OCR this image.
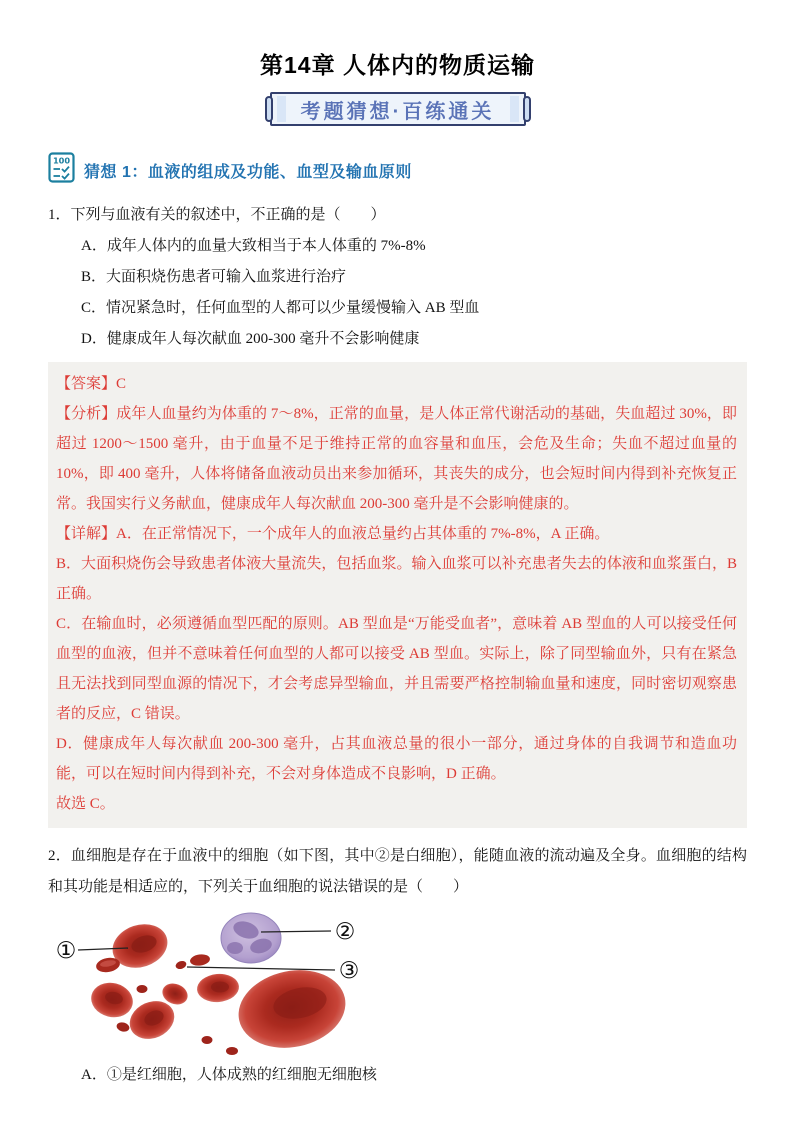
第14章 人体内的物质运输
考题猜想·百练通关
100
猜想 1：血液的组成及功能、血型及输血原则
1．下列与血液有关的叙述中，不正确的是（　　）
A．成年人体内的血量大致相当于本人体重的 7%-8%
B．大面积烧伤患者可输入血浆进行治疗
C．情况紧急时，任何血型的人都可以少量缓慢输入 AB 型血
D．健康成年人每次献血 200-300 毫升不会影响健康

【答案】C

【分析】成年人血量约为体重的 7～8%，正常的血量，是人体正常代谢活动的基础，失血超过 30%，即超过 1200～1500 毫升，由于血量不足于维持正常的血容量和血压，会危及生命；失血不超过血量的 10%，即 400 毫升，人体将储备血液动员出来参加循环，其丧失的成分，也会短时间内得到补充恢复正常。我国实行义务献血，健康成年人每次献血 200-300 毫升是不会影响健康的。

【详解】A．在正常情况下，一个成年人的血液总量约占其体重的 7%-8%，A 正确。

B．大面积烧伤会导致患者体液大量流失，包括血浆。输入血浆可以补充患者失去的体液和血浆蛋白，B 正确。

C．在输血时，必须遵循血型匹配的原则。AB 型血是“万能受血者”，意味着 AB 型血的人可以接受任何血型的血液，但并不意味着任何血型的人都可以接受 AB 型血。实际上，除了同型输血外，只有在紧急且无法找到同型血源的情况下，才会考虑异型输血，并且需要严格控制输血量和速度，同时密切观察患者的反应，C 错误。

D．健康成年人每次献血 200-300 毫升，占其血液总量的很小一部分，通过身体的自我调节和造血功能，可以在短时间内得到补充，不会对身体造成不良影响，D 正确。

故选 C。

2．血细胞是存在于血液中的细胞（如下图，其中②是白细胞），能随血液的流动遍及全身。血细胞的结构和其功能是相适应的，下列关于血细胞的说法错误的是（　　）
①
②
③
A．①是红细胞，人体成熟的红细胞无细胞核
